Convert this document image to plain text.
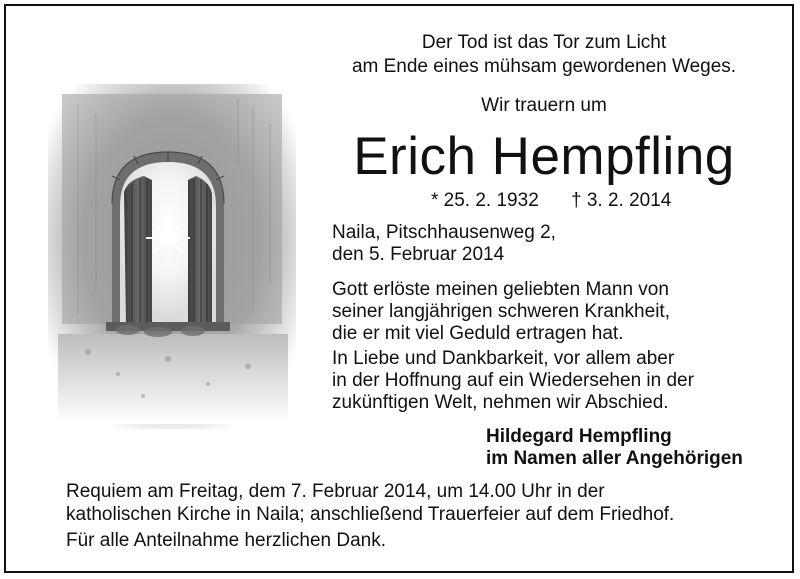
Der Tod ist das Tor zum Licht
am Ende eines mühsam gewordenen Weges.
Wir trauern um
Erich Hempfling
* 25. 2. 1932 † 3. 2. 2014
Naila, Pitschhausenweg 2,
den 5. Februar 2014
Gott erlöste meinen geliebten Mann von
seiner langjährigen schweren Krankheit,
die er mit viel Geduld ertragen hat.
In Liebe und Dankbarkeit, vor allem aber
in der Hoffnung auf ein Wiedersehen in der
zukünftigen Welt, nehmen wir Abschied.
Hildegard Hempfling
im Namen aller Angehörigen
Requiem am Freitag, dem 7. Februar 2014, um 14.00 Uhr in der
katholischen Kirche in Naila; anschließend Trauerfeier auf dem Friedhof.
Für alle Anteilnahme herzlichen Dank.
